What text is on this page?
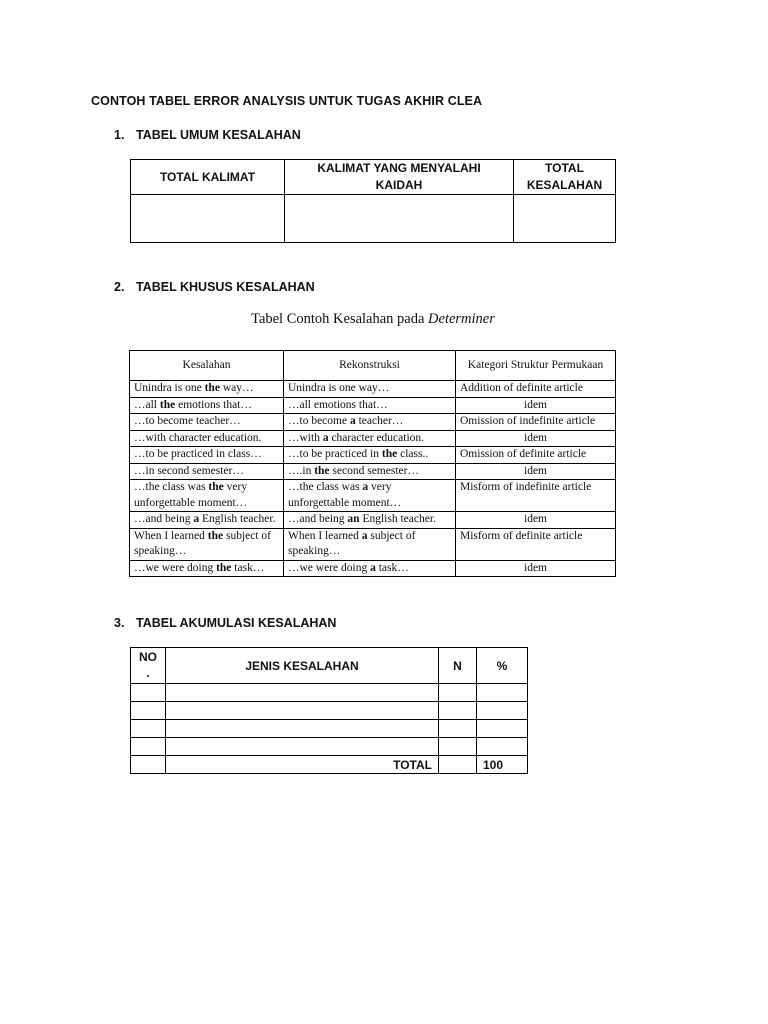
CONTOH TABEL ERROR ANALYSIS UNTUK TUGAS AKHIR CLEA
1. TABEL UMUM KESALAHAN
TOTAL KALIMAT	KALIMAT YANG MENYALAHI KAIDAH	TOTAL KESALAHAN

2. TABEL KHUSUS KESALAHAN
Tabel Contoh Kesalahan pada Determiner
Kesalahan	Rekonstruksi	Kategori Struktur Permukaan
Unindra is one the way…	Unindra is one way…	Addition of definite article
…all the emotions that…	…all emotions that…	idem
…to become teacher…	…to become a teacher…	Omission of indefinite article
…with character education.	…with a character education.	idem
…to be practiced in class…	…to be practiced in the class..	Omission of definite article
…in second semester…	….in the second semester…	idem
…the class was the very unforgettable moment…	…the class was a very unforgettable moment…	Misform of indefinite article
…and being a English teacher.	…and being an English teacher.	idem
When I learned the subject of speaking…	When I learned a subject of speaking…	Misform of definite article
…we were doing the task…	…we were doing a task…	idem
3. TABEL AKUMULASI KESALAHAN
NO
.	JENIS KESALAHAN	N	%

	TOTAL		100
